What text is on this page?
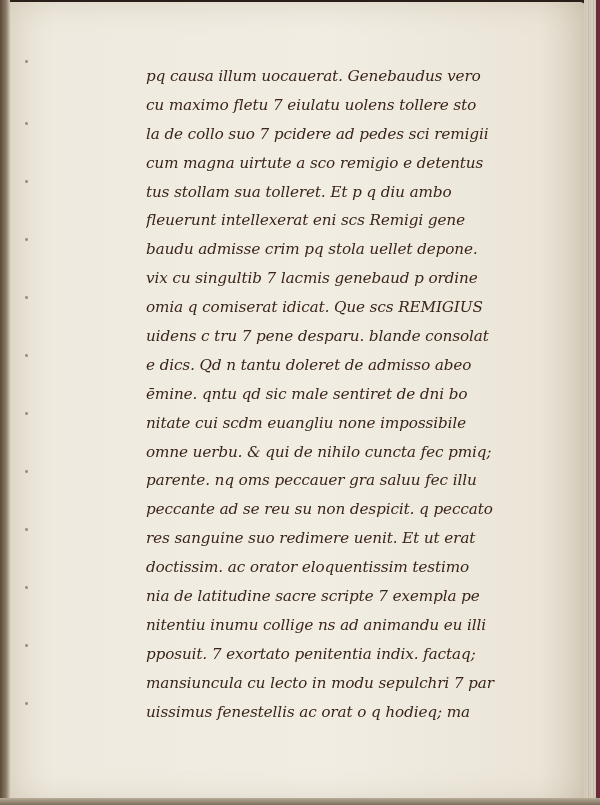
pq causa illum uocauerat. Genebaudus vero
cu maximo fletu 7 eiulatu uolens tollere sto
la de collo suo 7 pcidere ad pedes sci remigii
cum magna uirtute a sco remigio e detentus
tus stollam sua tolleret. Et p q diu ambo
fleuerunt intellexerat eni scs Remigi gene
baudu admisse crim pq stola uellet depone.
vix cu singultib 7 lacmis genebaud p ordine
omia q comiserat idicat. Que scs REMIGIUS
uidens c tru 7 pene desparu. blande consolat
e dics. Qd n tantu doleret de admisso abeo
ēmine. qntu qd sic male sentiret de dni bo
nitate cui scdm euangliu none impossibile
omne uerbu. & qui de nihilo cuncta fec pmiq;
parente. nq oms peccauer gra saluu fec illu
peccante ad se reu su non despicit. q peccato
res sanguine suo redimere uenit. Et ut erat
doctissim. ac orator eloquentissim testimo
nia de latitudine sacre scripte 7 exempla pe
nitentiu inumu collige ns ad animandu eu illi
pposuit. 7 exortato penitentia indix. factaq;
mansiuncula cu lecto in modu sepulchri 7 par
uissimus fenestellis ac orat o q hodieq; ma
